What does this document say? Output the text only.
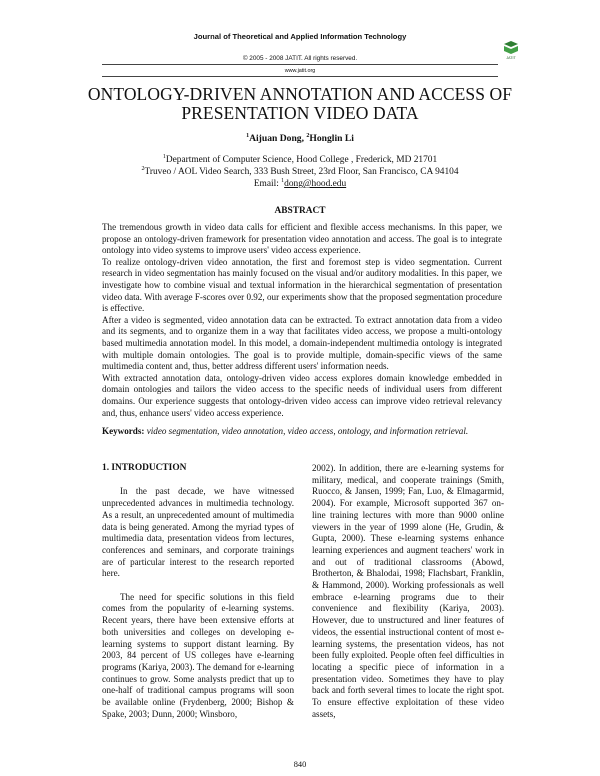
Journal of Theoretical and Applied Information Technology
JATIT
© 2005 - 2008 JATIT. All rights reserved.
www.jatit.org
ONTOLOGY-DRIVEN ANNOTATION AND ACCESS OF
PRESENTATION VIDEO DATA
$^1$Aijuan Dong, $^2$Honglin Li
$^1$Department of Computer Science, Hood College , Frederick, MD 21701
$^2$Truveo / AOL Video Search, 333 Bush Street, 23rd Floor, San Francisco, CA 94104
Email: $^1$dong@hood.edu
ABSTRACT

The tremendous growth in video data calls for efficient and flexible access mechanisms. In this paper, we propose an ontology-driven framework for presentation video annotation and access. The goal is to integrate ontology into video systems to improve users' video access experience.

To realize ontology-driven video annotation, the first and foremost step is video segmentation. Current research in video segmentation has mainly focused on the visual and/or auditory modalities. In this paper, we investigate how to combine visual and textual information in the hierarchical segmentation of presentation video data. With average F-scores over 0.92, our experiments show that the proposed segmentation procedure is effective.

After a video is segmented, video annotation data can be extracted. To extract annotation data from a video and its segments, and to organize them in a way that facilitates video access, we propose a multi-ontology based multimedia annotation model. In this model, a domain-independent multimedia ontology is integrated with multiple domain ontologies. The goal is to provide multiple, domain-specific views of the same multimedia content and, thus, better address different users' information needs.

With extracted annotation data, ontology-driven video access explores domain knowledge embedded in domain ontologies and tailors the video access to the specific needs of individual users from different domains. Our experience suggests that ontology-driven video access can improve video retrieval relevancy and, thus, enhance users' video access experience.

Keywords: video segmentation, video annotation, video access, ontology, and information retrieval.
1. INTRODUCTION

In the past decade, we have witnessed unprecedented advances in multimedia technology. As a result, an unprecedented amount of multimedia data is being generated. Among the myriad types of multimedia data, presentation videos from lectures, conferences and seminars, and corporate trainings are of particular interest to the research reported here.

The need for specific solutions in this field comes from the popularity of e-learning systems. Recent years, there have been extensive efforts at both universities and colleges on developing e-learning systems to support distant learning. By 2003, 84 percent of US colleges have e-learning programs (Kariya, 2003). The demand for e-learning continues to grow. Some analysts predict that up to one-half of traditional campus programs will soon be available online (Frydenberg, 2000; Bishop & Spake, 2003; Dunn, 2000; Winsboro,

2002). In addition, there are e-learning systems for military, medical, and cooperate trainings (Smith, Ruocco, & Jansen, 1999; Fan, Luo, & Elmagarmid, 2004). For example, Microsoft supported 367 on-line training lectures with more than 9000 online viewers in the year of 1999 alone (He, Grudin, & Gupta, 2000). These e-learning systems enhance learning experiences and augment teachers' work in and out of traditional classrooms (Abowd, Brotherton, & Bhalodai, 1998; Flachsbart, Franklin, & Hammond, 2000). Working professionals as well embrace e-learning programs due to their convenience and flexibility (Kariya, 2003). However, due to unstructured and liner features of videos, the essential instructional content of most e-learning systems, the presentation videos, has not been fully exploited. People often feel difficulties in locating a specific piece of information in a presentation video. Sometimes they have to play back and forth several times to locate the right spot. To ensure effective exploitation of these video assets,

840
